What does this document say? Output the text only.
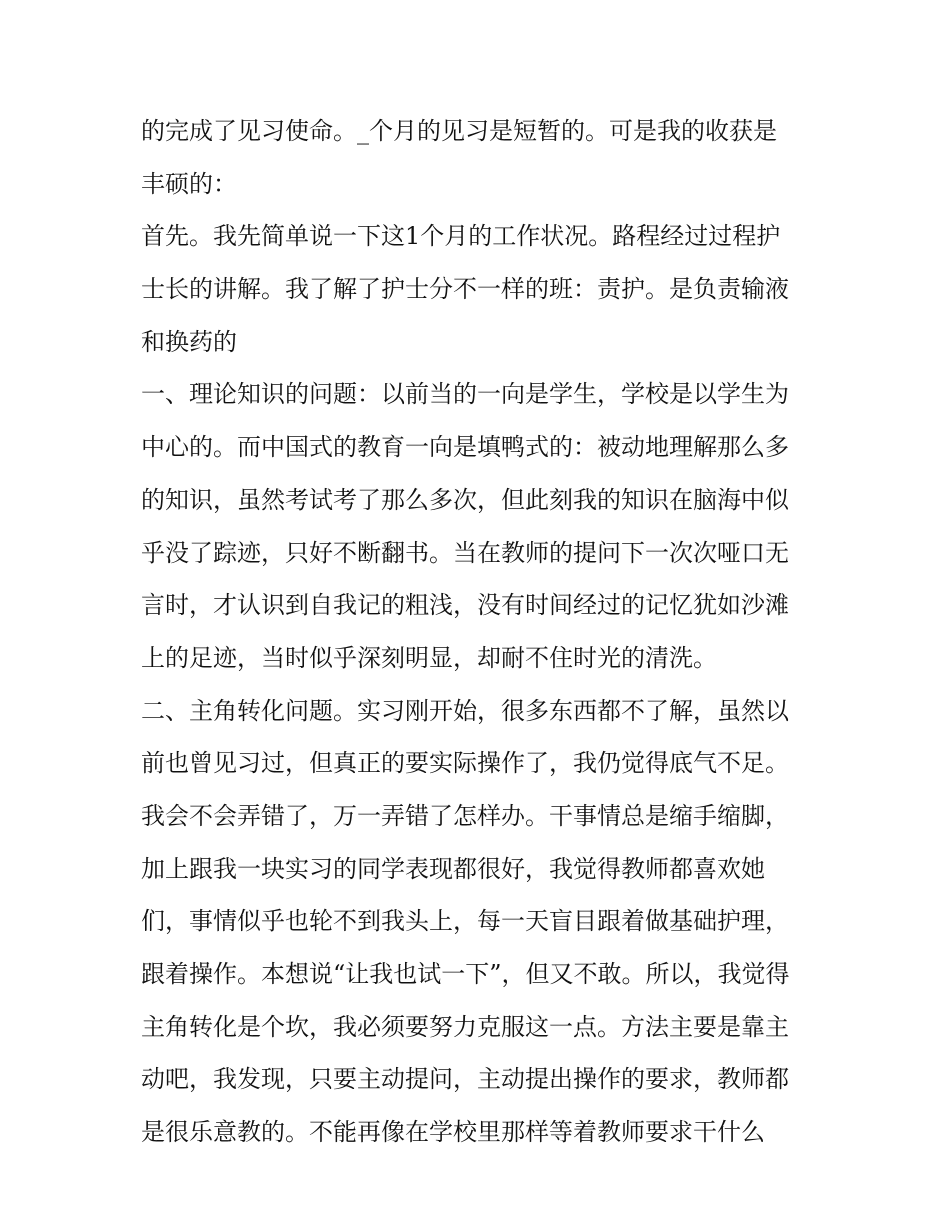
的完成了见习使命。_个月的见习是短暂的。可是我的收获是
丰硕的：
首先。我先简单说一下这1个月的工作状况。路程经过过程护
士长的讲解。我了解了护士分不一样的班：责护。是负责输液
和换药的
一、理论知识的问题：以前当的一向是学生，学校是以学生为
中心的。而中国式的教育一向是填鸭式的：被动地理解那么多
的知识，虽然考试考了那么多次，但此刻我的知识在脑海中似
乎没了踪迹，只好不断翻书。当在教师的提问下一次次哑口无
言时，才认识到自我记的粗浅，没有时间经过的记忆犹如沙滩
上的足迹，当时似乎深刻明显，却耐不住时光的清洗。
二、主角转化问题。实习刚开始，很多东西都不了解，虽然以
前也曾见习过，但真正的要实际操作了，我仍觉得底气不足。
我会不会弄错了，万一弄错了怎样办。干事情总是缩手缩脚，
加上跟我一块实习的同学表现都很好，我觉得教师都喜欢她
们，事情似乎也轮不到我头上，每一天盲目跟着做基础护理，
跟着操作。本想说“让我也试一下”，但又不敢。所以，我觉得
主角转化是个坎，我必须要努力克服这一点。方法主要是靠主
动吧，我发现，只要主动提问，主动提出操作的要求，教师都
是很乐意教的。不能再像在学校里那样等着教师要求干什么
